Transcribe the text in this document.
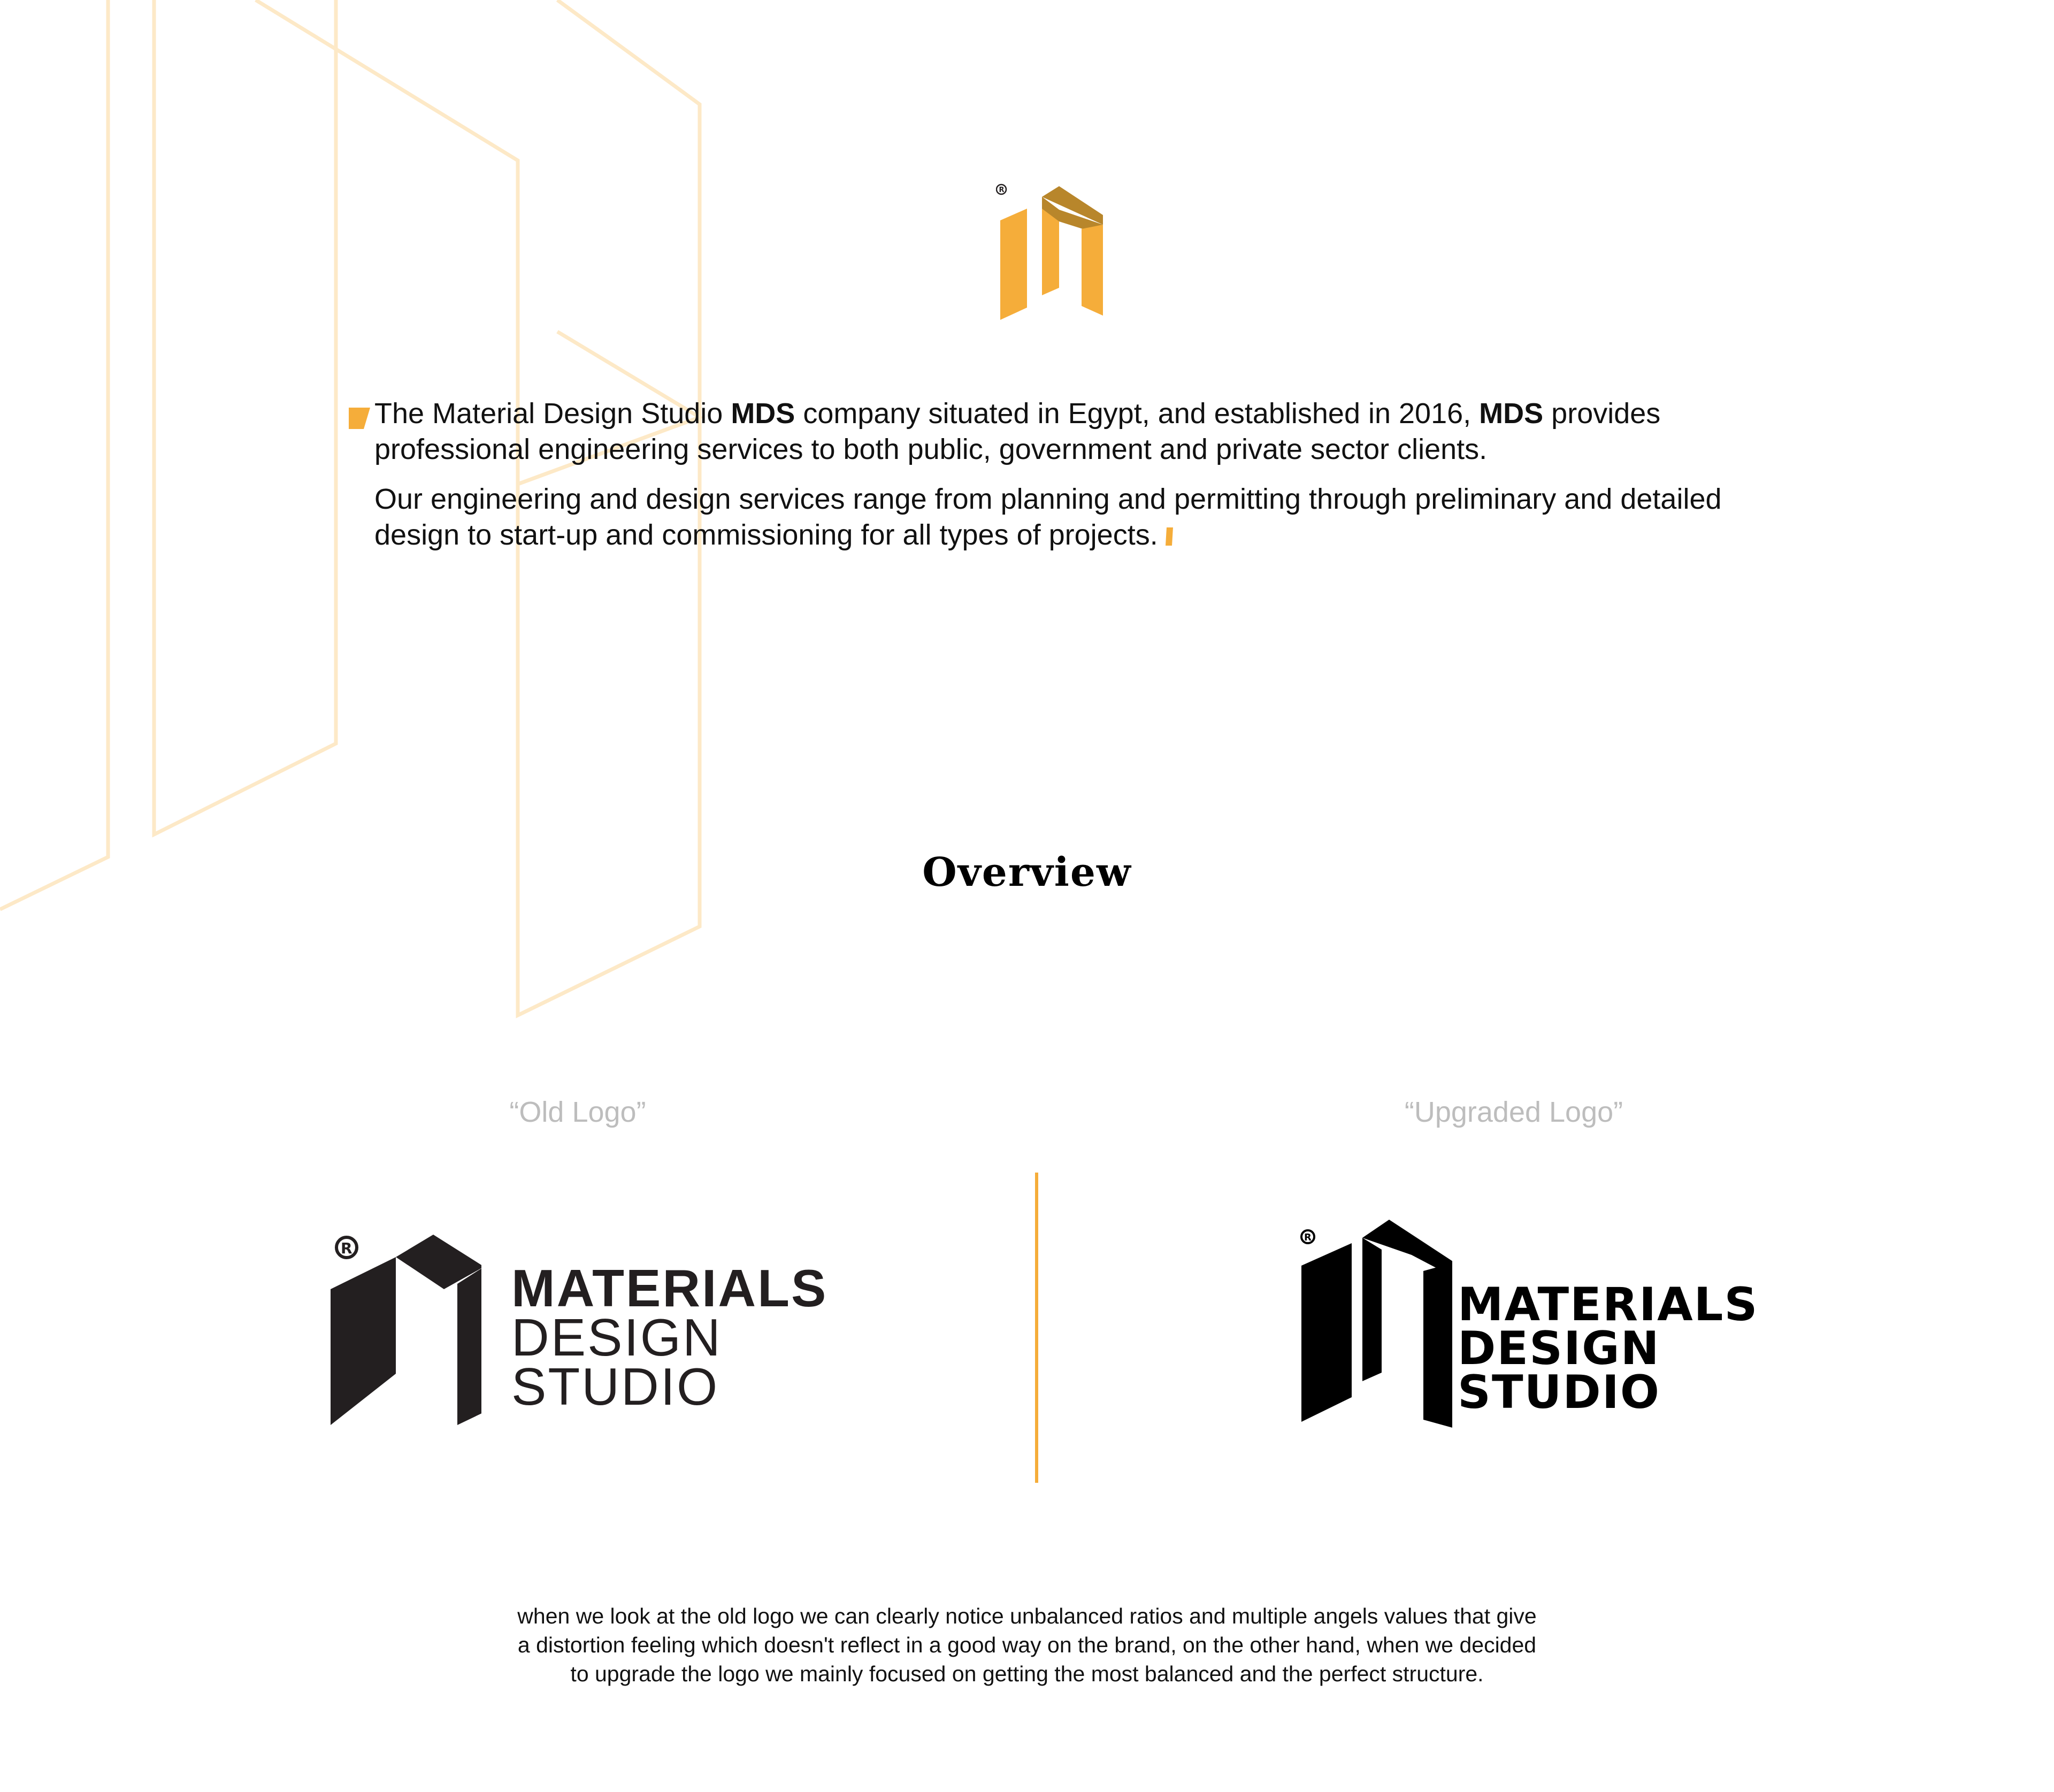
R

The Material Design Studio MDS company situated in Egypt, and established in 2016, MDS provides professional engineering services to both public, government and private sector clients.

Our engineering and design services range from planning and permitting through preliminary and detailed design to start-up and commissioning for all types of projects.

Overview
“Old Logo”	“Upgraded Logo”
R
MATERIALS
DESIGN
STUDIO
R
MATERIALS
DESIGN
STUDIO
when we look at the old logo we can clearly notice unbalanced ratios and multiple angels values that give a distortion feeling which doesn't reflect in a good way on the brand, on the other hand, when we decided to upgrade the logo we mainly focused on getting the most balanced and the perfect structure.
